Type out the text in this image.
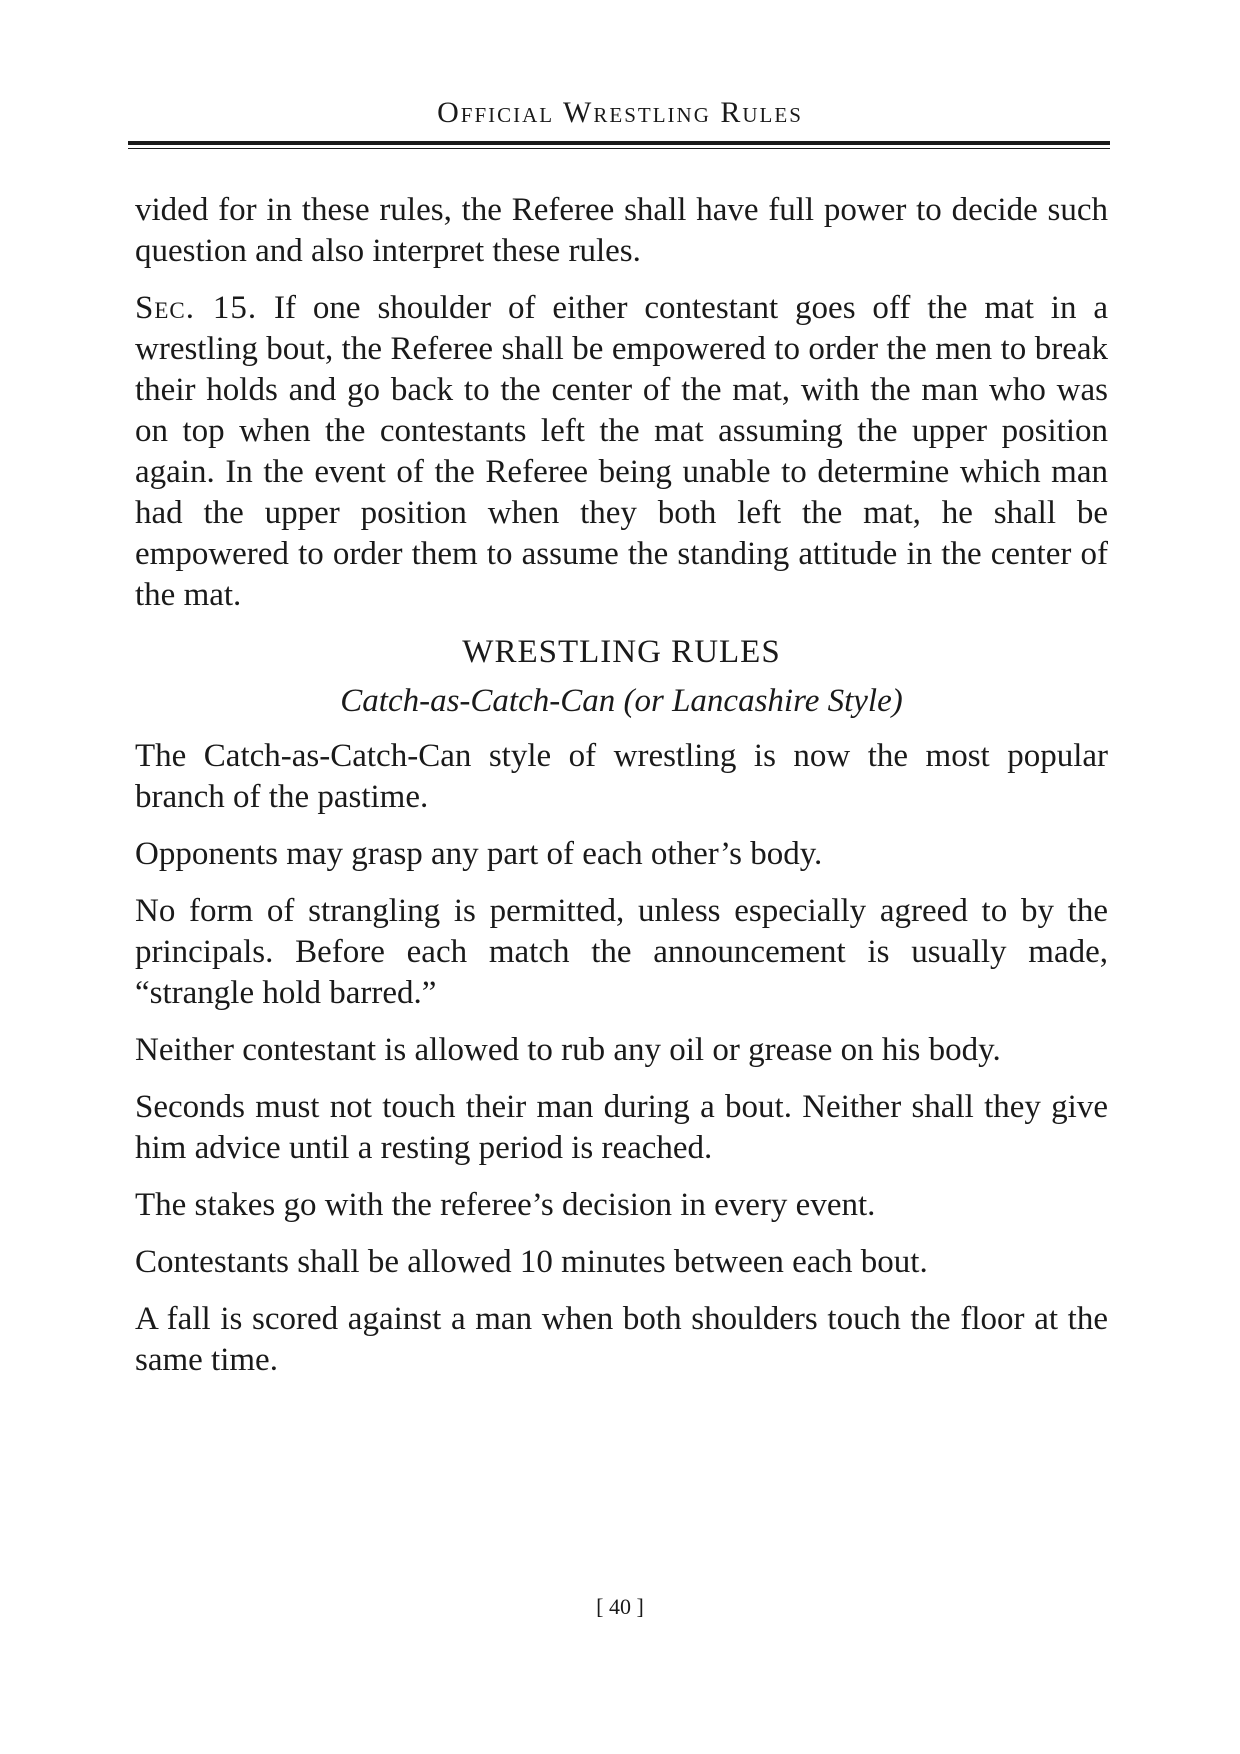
Official Wrestling Rules

vided for in these rules, the Referee shall have full power to decide such question and also interpret these rules.

Sec. 15. If one shoulder of either contestant goes off the mat in a wrestling bout, the Referee shall be empowered to order the men to break their holds and go back to the center of the mat, with the man who was on top when the contestants left the mat assuming the upper position again. In the event of the Referee being unable to determine which man had the upper position when they both left the mat, he shall be empowered to order them to assume the standing attitude in the center of the mat.

WRESTLING RULES
Catch-as-Catch-Can (or Lancashire Style)

The Catch-as-Catch-Can style of wrestling is now the most popular branch of the pastime.

Opponents may grasp any part of each other’s body.

No form of strangling is permitted, unless especially agreed to by the principals. Before each match the announcement is usually made, “strangle hold barred.”

Neither contestant is allowed to rub any oil or grease on his body.

Seconds must not touch their man during a bout. Neither shall they give him advice until a resting period is reached.

The stakes go with the referee’s decision in every event.

Contestants shall be allowed 10 minutes between each bout.

A fall is scored against a man when both shoulders touch the floor at the same time.

[ 40 ]
